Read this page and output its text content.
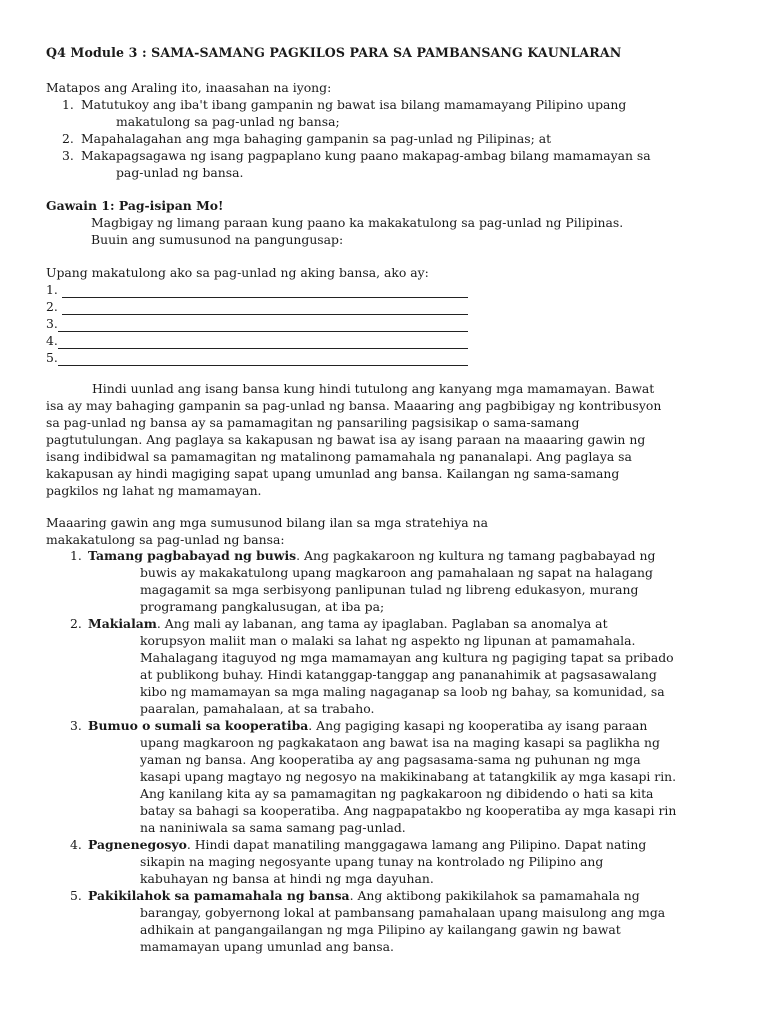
Q4 Module 3 : SAMA-SAMANG PAGKILOS PARA SA PAMBANSANG KAUNLARAN
Matapos ang Araling ito, inaasahan na iyong:
1. Matutukoy ang iba't ibang gampanin ng bawat isa bilang mamamayang Pilipino upang
makatulong sa pag-unlad ng bansa;
2. Mapahalagahan ang mga bahaging gampanin sa pag-unlad ng Pilipinas; at
3. Makapagsagawa ng isang pagpaplano kung paano makapag-ambag bilang mamamayan sa
pag-unlad ng bansa.
Gawain 1: Pag-isipan Mo!
Magbigay ng limang paraan kung paano ka makakatulong sa pag-unlad ng Pilipinas.
Buuin ang sumusunod na pangungusap:
Upang makatulong ako sa pag-unlad ng aking bansa, ako ay:
1.
2.
3.
4.
5.
Hindi uunlad ang isang bansa kung hindi tutulong ang kanyang mga mamamayan. Bawat
isa ay may bahaging gampanin sa pag-unlad ng bansa. Maaaring ang pagbibigay ng kontribusyon
sa pag-unlad ng bansa ay sa pamamagitan ng pansariling pagsisikap o sama-samang
pagtutulungan. Ang paglaya sa kakapusan ng bawat isa ay isang paraan na maaaring gawin ng
isang indibidwal sa pamamagitan ng matalinong pamamahala ng pananalapi. Ang paglaya sa
kakapusan ay hindi magiging sapat upang umunlad ang bansa. Kailangan ng sama-samang
pagkilos ng lahat ng mamamayan.
Maaaring gawin ang mga sumusunod bilang ilan sa mga stratehiya na
makakatulong sa pag-unlad ng bansa:
1. Tamang pagbabayad ng buwis. Ang pagkakaroon ng kultura ng tamang pagbabayad ng
buwis ay makakatulong upang magkaroon ang pamahalaan ng sapat na halagang
magagamit sa mga serbisyong panlipunan tulad ng libreng edukasyon, murang
programang pangkalusugan, at iba pa;
2. Makialam. Ang mali ay labanan, ang tama ay ipaglaban. Paglaban sa anomalya at
korupsyon maliit man o malaki sa lahat ng aspekto ng lipunan at pamamahala.
Mahalagang itaguyod ng mga mamamayan ang kultura ng pagiging tapat sa pribado
at publikong buhay. Hindi katanggap-tanggap ang pananahimik at pagsasawalang
kibo ng mamamayan sa mga maling nagaganap sa loob ng bahay, sa komunidad, sa
paaralan, pamahalaan, at sa trabaho.
3. Bumuo o sumali sa kooperatiba. Ang pagiging kasapi ng kooperatiba ay isang paraan
upang magkaroon ng pagkakataon ang bawat isa na maging kasapi sa paglikha ng
yaman ng bansa. Ang kooperatiba ay ang pagsasama-sama ng puhunan ng mga
kasapi upang magtayo ng negosyo na makikinabang at tatangkilik ay mga kasapi rin.
Ang kanilang kita ay sa pamamagitan ng pagkakaroon ng dibidendo o hati sa kita
batay sa bahagi sa kooperatiba. Ang nagpapatakbo ng kooperatiba ay mga kasapi rin
na naniniwala sa sama samang pag-unlad.
4. Pagnenegosyo. Hindi dapat manatiling manggagawa lamang ang Pilipino. Dapat nating
sikapin na maging negosyante upang tunay na kontrolado ng Pilipino ang
kabuhayan ng bansa at hindi ng mga dayuhan.
5. Pakikilahok sa pamamahala ng bansa. Ang aktibong pakikilahok sa pamamahala ng
barangay, gobyernong lokal at pambansang pamahalaan upang maisulong ang mga
adhikain at pangangailangan ng mga Pilipino ay kailangang gawin ng bawat
mamamayan upang umunlad ang bansa.
